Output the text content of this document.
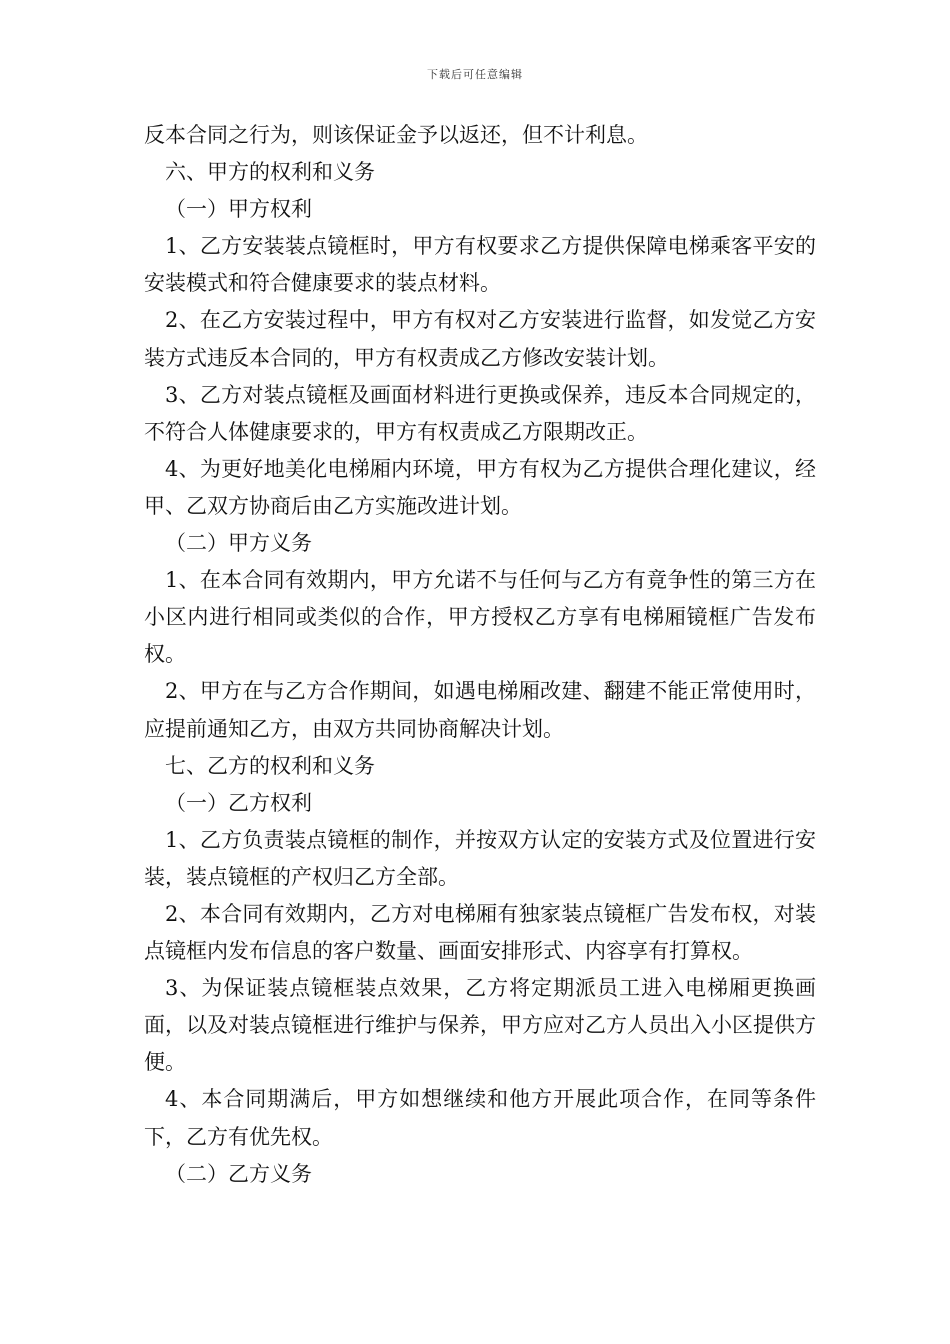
下载后可任意编辑

反本合同之行为，则该保证金予以返还，但不计利息。

六、甲方的权利和义务

（一）甲方权利

1、乙方安装装点镜框时，甲方有权要求乙方提供保障电梯乘客平安的安装模式和符合健康要求的装点材料。

2、在乙方安装过程中，甲方有权对乙方安装进行监督，如发觉乙方安装方式违反本合同的，甲方有权责成乙方修改安装计划。

3、乙方对装点镜框及画面材料进行更换或保养，违反本合同规定的，不符合人体健康要求的，甲方有权责成乙方限期改正。

4、为更好地美化电梯厢内环境，甲方有权为乙方提供合理化建议，经甲、乙双方协商后由乙方实施改进计划。

（二）甲方义务

1、在本合同有效期内，甲方允诺不与任何与乙方有竟争性的第三方在小区内进行相同或类似的合作，甲方授权乙方享有电梯厢镜框广告发布权。

2、甲方在与乙方合作期间，如遇电梯厢改建、翻建不能正常使用时，应提前通知乙方，由双方共同协商解决计划。

七、乙方的权利和义务

（一）乙方权利

1、乙方负责装点镜框的制作，并按双方认定的安装方式及位置进行安装，装点镜框的产权归乙方全部。

2、本合同有效期内，乙方对电梯厢有独家装点镜框广告发布权，对装点镜框内发布信息的客户数量、画面安排形式、内容享有打算权。

3、为保证装点镜框装点效果，乙方将定期派员工进入电梯厢更换画面，以及对装点镜框进行维护与保养，甲方应对乙方人员出入小区提供方便。

4、本合同期满后，甲方如想继续和他方开展此项合作，在同等条件下，乙方有优先权。

（二）乙方义务
